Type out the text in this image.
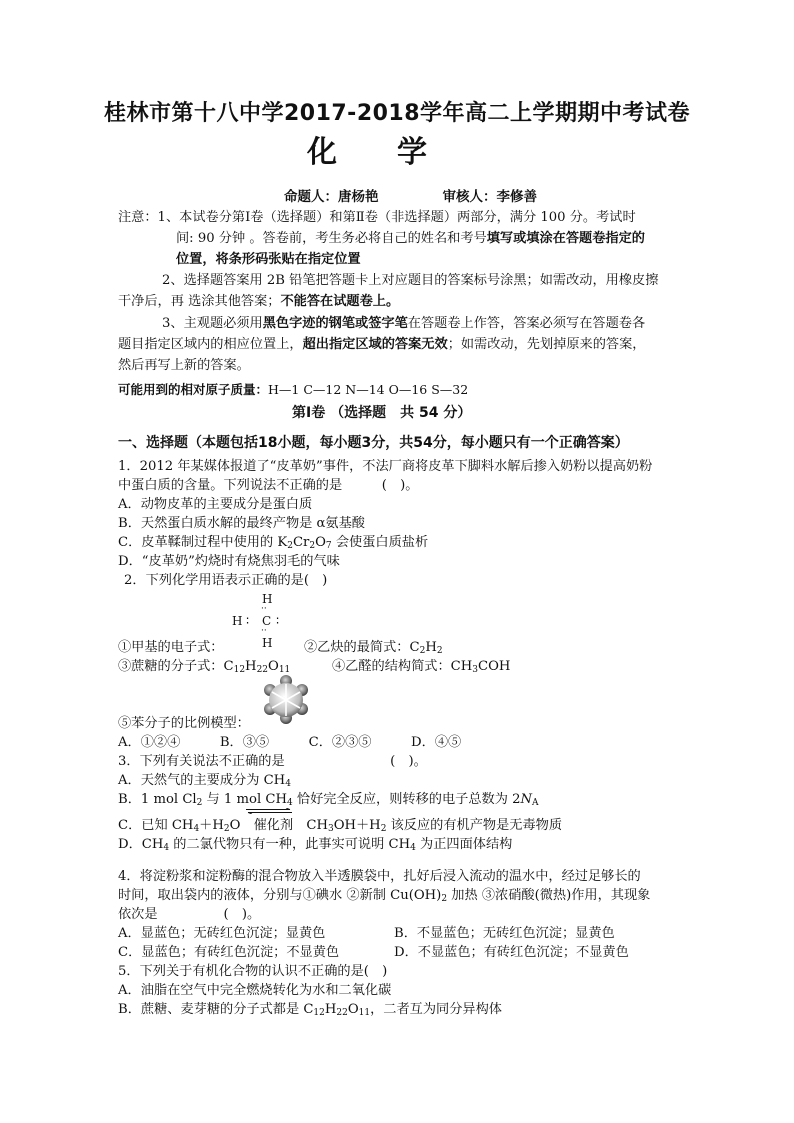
桂林市第十八中学2017-2018学年高二上学期期中考试卷
化学
命题人：唐杨艳	审核人：李修善
注意：1、本试卷分第Ⅰ卷（选择题）和第Ⅱ卷（非选择题）两部分，满分 100 分。考试时
间: 90 分钟 。答卷前，考生务必将自己的姓名和考号填写或填涂在答题卷指定的
位置，将条形码张贴在指定位置
2、选择题答案用 2B 铅笔把答题卡上对应题目的答案标号涂黑；如需改动，用橡皮擦
干净后，再 选涂其他答案；不能答在试题卷上。
3、主观题必须用黑色字迹的钢笔或签字笔在答题卷上作答，答案必须写在答题卷各
题目指定区域内的相应位置上，超出指定区域的答案无效；如需改动，先划掉原来的答案，
然后再写上新的答案。
可能用到的相对原子质量：H—1 C—12 N—14 O—16 S—32
第Ⅰ卷 （选择题　共 54 分）
一、选择题（本题包括18小题，每小题3分，共54分，每小题只有一个正确答案）
1．2012 年某媒体报道了“皮革奶”事件，不法厂商将皮革下脚料水解后掺入奶粉以提高奶粉
中蛋白质的含量。下列说法不正确的是　　　(　)。
A．动物皮革的主要成分是蛋白质
B．天然蛋白质水解的最终产物是 α氨基酸
C．皮革鞣制过程中使用的 $K_2Cr_2O_7$ 会使蛋白质盐析
D．“皮革奶”灼烧时有烧焦羽毛的气味
2．下列化学用语表示正确的是(　)
H
··
H ∶ C ∶
··
H
①甲基的电子式：	②乙炔的最简式：$C_2H_2$
③蔗糖的分子式：$C_{12}H_{22}O_{11}$	④乙醛的结构简式：$CH_3COH$
⑤苯分子的比例模型：
A．①②④　　　B．③⑤　　　C．②③⑤　　　D．④⑤
3．下列有关说法不正确的是　　　　　　　　(　)。
A．天然气的主要成分为 $CH_4$
B．1 mol $Cl_2$ 与 1 mol $CH_4$ 恰好完全反应，则转移的电子总数为 $2N_A$
C．已知 $CH_4+H_2O$　 催化剂　 $CH_3OH+H_2$ 该反应的有机产物是无毒物质
D．$CH_4$ 的二氯代物只有一种，此事实可说明 $CH_4$ 为正四面体结构
4．将淀粉浆和淀粉酶的混合物放入半透膜袋中，扎好后浸入流动的温水中，经过足够长的
时间，取出袋内的液体，分别与①碘水 ②新制 $Cu(OH)_2$ 加热 ③浓硝酸(微热)作用，其现象
依次是　　　　　(　)。
A．显蓝色；无砖红色沉淀；显黄色	B．不显蓝色；无砖红色沉淀；显黄色
C．显蓝色；有砖红色沉淀；不显黄色	D．不显蓝色；有砖红色沉淀；不显黄色
5．下列关于有机化合物的认识不正确的是(　)
A．油脂在空气中完全燃烧转化为水和二氧化碳
B．蔗糖、麦芽糖的分子式都是 $C_{12}H_{22}O_{11}$，二者互为同分异构体
